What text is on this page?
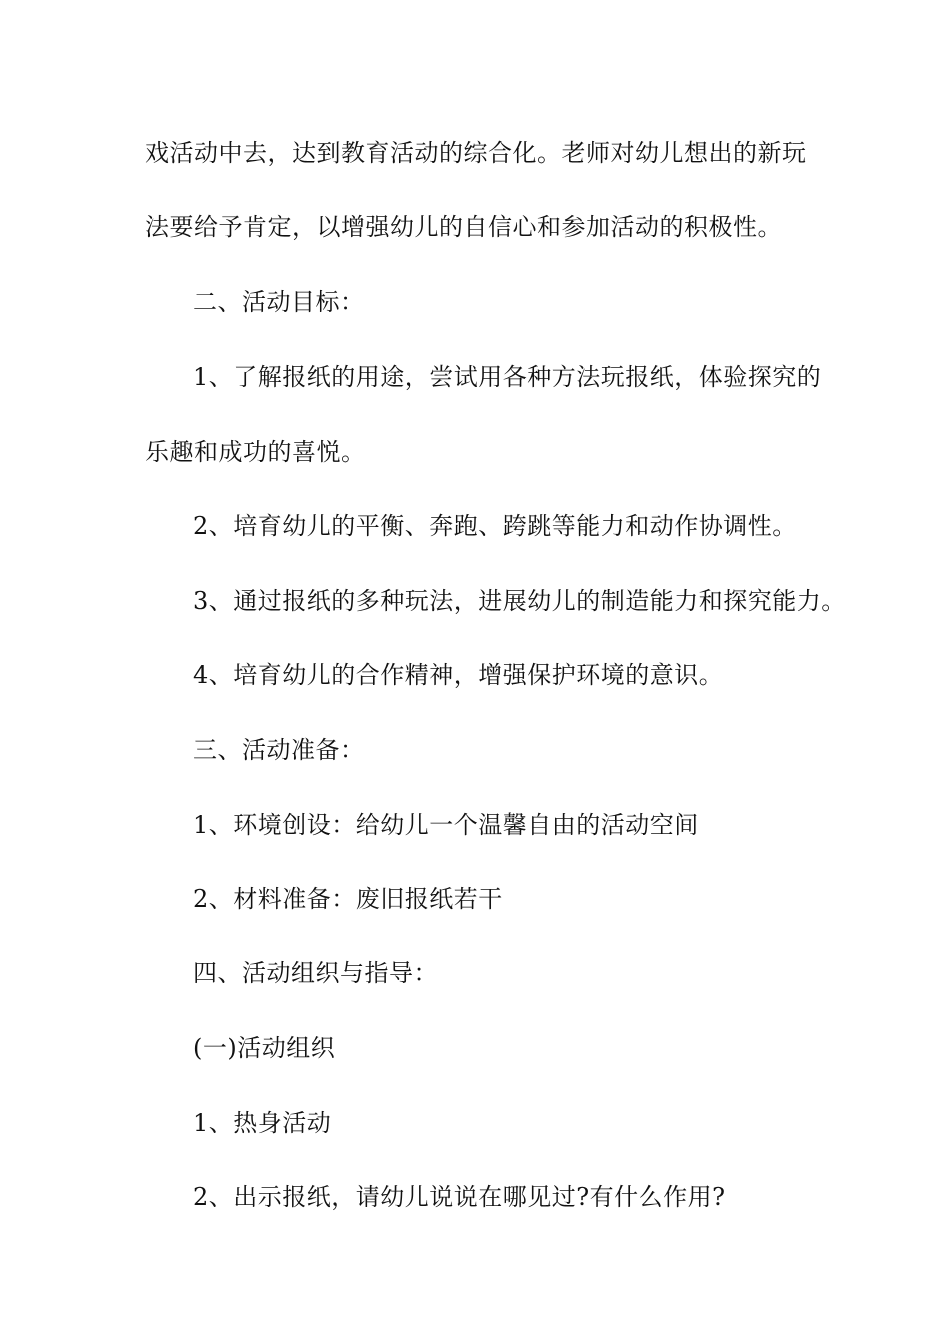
戏活动中去，达到教育活动的综合化。老师对幼儿想出的新玩
法要给予肯定，以增强幼儿的自信心和参加活动的积极性。
二、活动目标：
1、了解报纸的用途，尝试用各种方法玩报纸，体验探究的
乐趣和成功的喜悦。
2、培育幼儿的平衡、奔跑、跨跳等能力和动作协调性。
3、通过报纸的多种玩法，进展幼儿的制造能力和探究能力。
4、培育幼儿的合作精神，增强保护环境的意识。
三、活动准备：
1、环境创设：给幼儿一个温馨自由的活动空间
2、材料准备：废旧报纸若干
四、活动组织与指导：
(一)活动组织
1、热身活动
2、出示报纸，请幼儿说说在哪见过?有什么作用?
